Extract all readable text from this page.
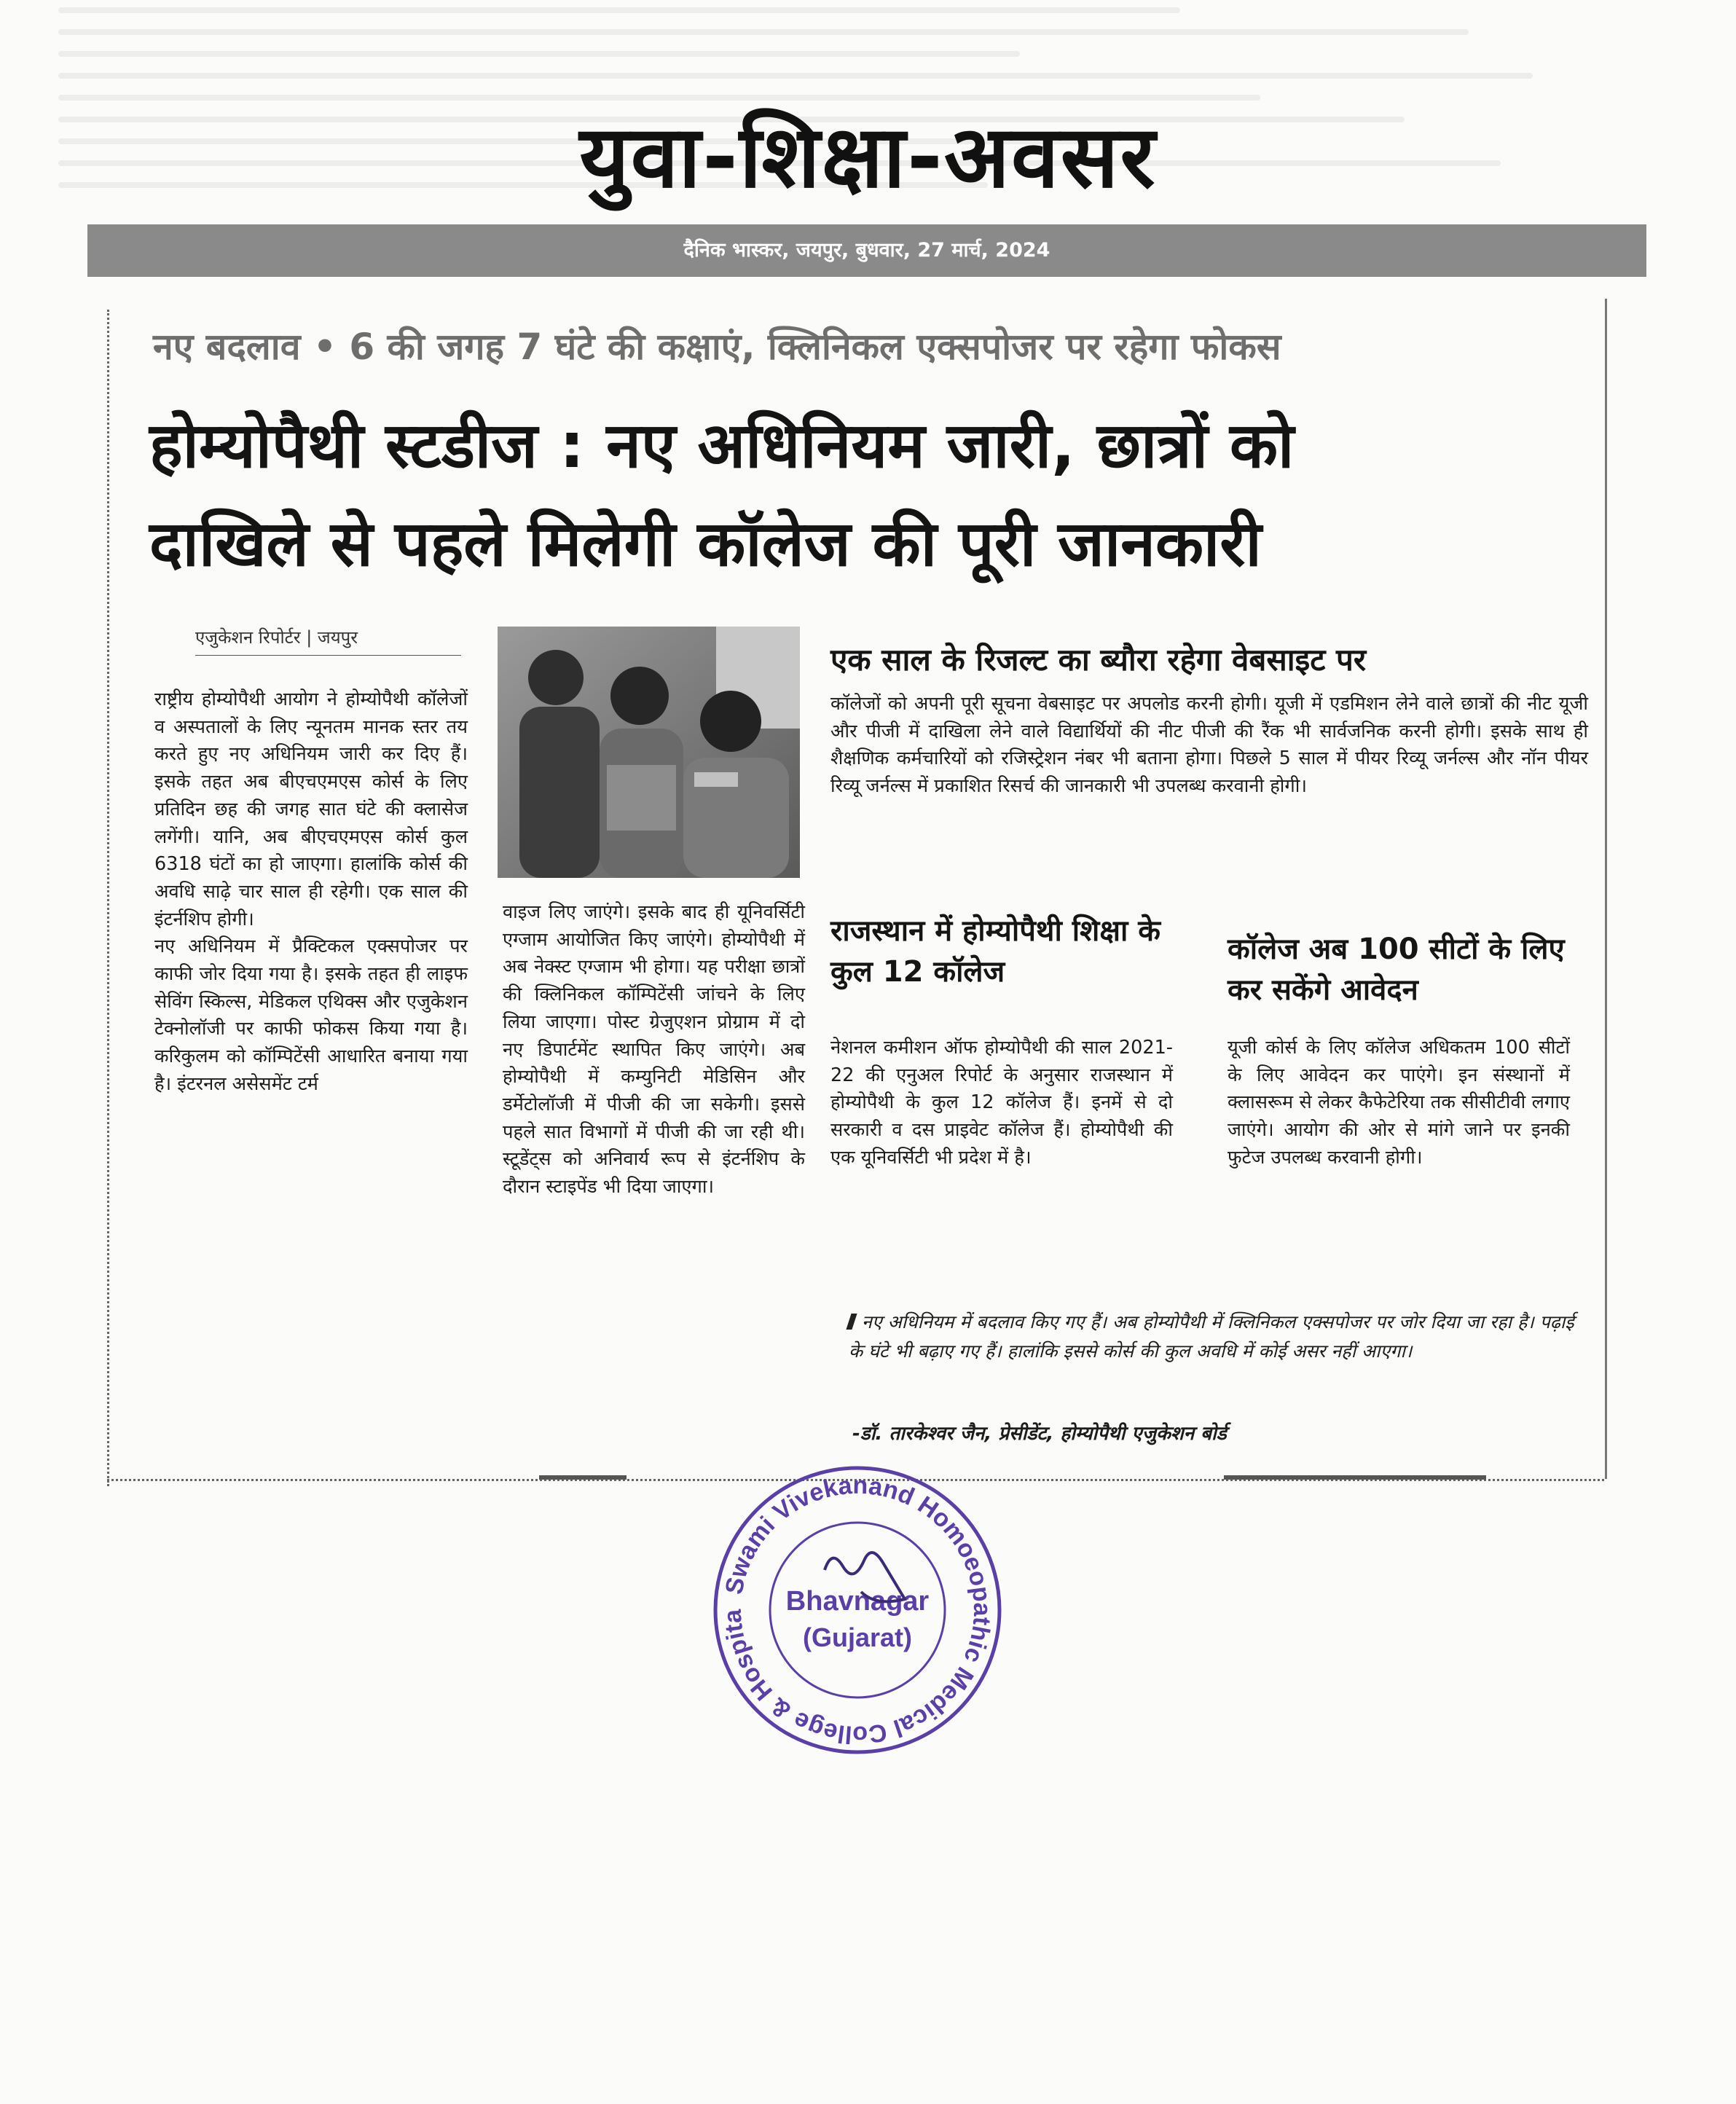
युवा-शिक्षा-अवसर
दैनिक भास्कर, जयपुर, बुधवार, 27 मार्च, 2024
नए बदलाव • 6 की जगह 7 घंटे की कक्षाएं, क्लिनिकल एक्सपोजर पर रहेगा फोकस
होम्योपैथी स्टडीज : नए अधिनियम जारी, छात्रों को
दाखिले से पहले मिलेगी कॉलेज की पूरी जानकारी
एजुकेशन रिपोर्टर | जयपुर
राष्ट्रीय होम्योपैथी आयोग ने होम्योपैथी कॉलेजों व अस्पतालों के लिए न्यूनतम मानक स्तर तय करते हुए नए अधिनियम जारी कर दिए हैं। इसके तहत अब बीएचएमएस कोर्स के लिए प्रतिदिन छह की जगह सात घंटे की क्लासेज लगेंगी। यानि, अब बीएचएमएस कोर्स कुल 6318 घंटों का हो जाएगा। हालांकि कोर्स की अवधि साढ़े चार साल ही रहेगी। एक साल की इंटर्नशिप होगी।
नए अधिनियम में प्रैक्टिकल एक्सपोजर पर काफी जोर दिया गया है। इसके तहत ही लाइफ सेविंग स्किल्स, मेडिकल एथिक्स और एजुकेशन टेक्नोलॉजी पर काफी फोकस किया गया है। करिकुलम को कॉम्पिटेंसी आधारित बनाया गया है। इंटरनल असेसमेंट टर्म
वाइज लिए जाएंगे। इसके बाद ही यूनिवर्सिटी एग्जाम आयोजित किए जाएंगे। होम्योपैथी में अब नेक्स्ट एग्जाम भी होगा। यह परीक्षा छात्रों की क्लिनिकल कॉम्पिटेंसी जांचने के लिए लिया जाएगा। पोस्ट ग्रेजुएशन प्रोग्राम में दो नए डिपार्टमेंट स्थापित किए जाएंगे। अब होम्योपैथी में कम्युनिटी मेडिसिन और डर्मेटोलॉजी में पीजी की जा सकेगी। इससे पहले सात विभागों में पीजी की जा रही थी। स्टूडेंट्स को अनिवार्य रूप से इंटर्नशिप के दौरान स्टाइपेंड भी दिया जाएगा।
एक साल के रिजल्ट का ब्यौरा रहेगा वेबसाइट पर
कॉलेजों को अपनी पूरी सूचना वेबसाइट पर अपलोड करनी होगी। यूजी में एडमिशन लेने वाले छात्रों की नीट यूजी और पीजी में दाखिला लेने वाले विद्यार्थियों की नीट पीजी की रैंक भी सार्वजनिक करनी होगी। इसके साथ ही शैक्षणिक कर्मचारियों को रजिस्ट्रेशन नंबर भी बताना होगा। पिछले 5 साल में पीयर रिव्यू जर्नल्स और नॉन पीयर रिव्यू जर्नल्स में प्रकाशित रिसर्च की जानकारी भी उपलब्ध करवानी होगी।
राजस्थान में होम्योपैथी शिक्षा के कुल 12 कॉलेज
नेशनल कमीशन ऑफ होम्योपैथी की साल 2021-22 की एनुअल रिपोर्ट के अनुसार राजस्थान में होम्योपैथी के कुल 12 कॉलेज हैं। इनमें से दो सरकारी व दस प्राइवेट कॉलेज हैं। होम्योपैथी की एक यूनिवर्सिटी भी प्रदेश में है।
कॉलेज अब 100 सीटों के लिए कर सकेंगे आवेदन
यूजी कोर्स के लिए कॉलेज अधिकतम 100 सीटों के लिए आवेदन कर पाएंगे। इन संस्थानों में क्लासरूम से लेकर कैफेटेरिया तक सीसीटीवी लगाए जाएंगे। आयोग की ओर से मांगे जाने पर इनकी फुटेज उपलब्ध करवानी होगी।
नए अधिनियम में बदलाव किए गए हैं। अब होम्योपैथी में क्लिनिकल एक्सपोजर पर जोर दिया जा रहा है। पढ़ाई के घंटे भी बढ़ाए गए हैं। हालांकि इससे कोर्स की कुल अवधि में कोई असर नहीं आएगा।
-डॉ. तारकेश्वर जैन, प्रेसीडेंट, होम्योपैथी एजुकेशन बोर्ड
Swami Vivekanand Homoeopathic Medical College & Hospita	Bhavnagar
(Gujarat)
